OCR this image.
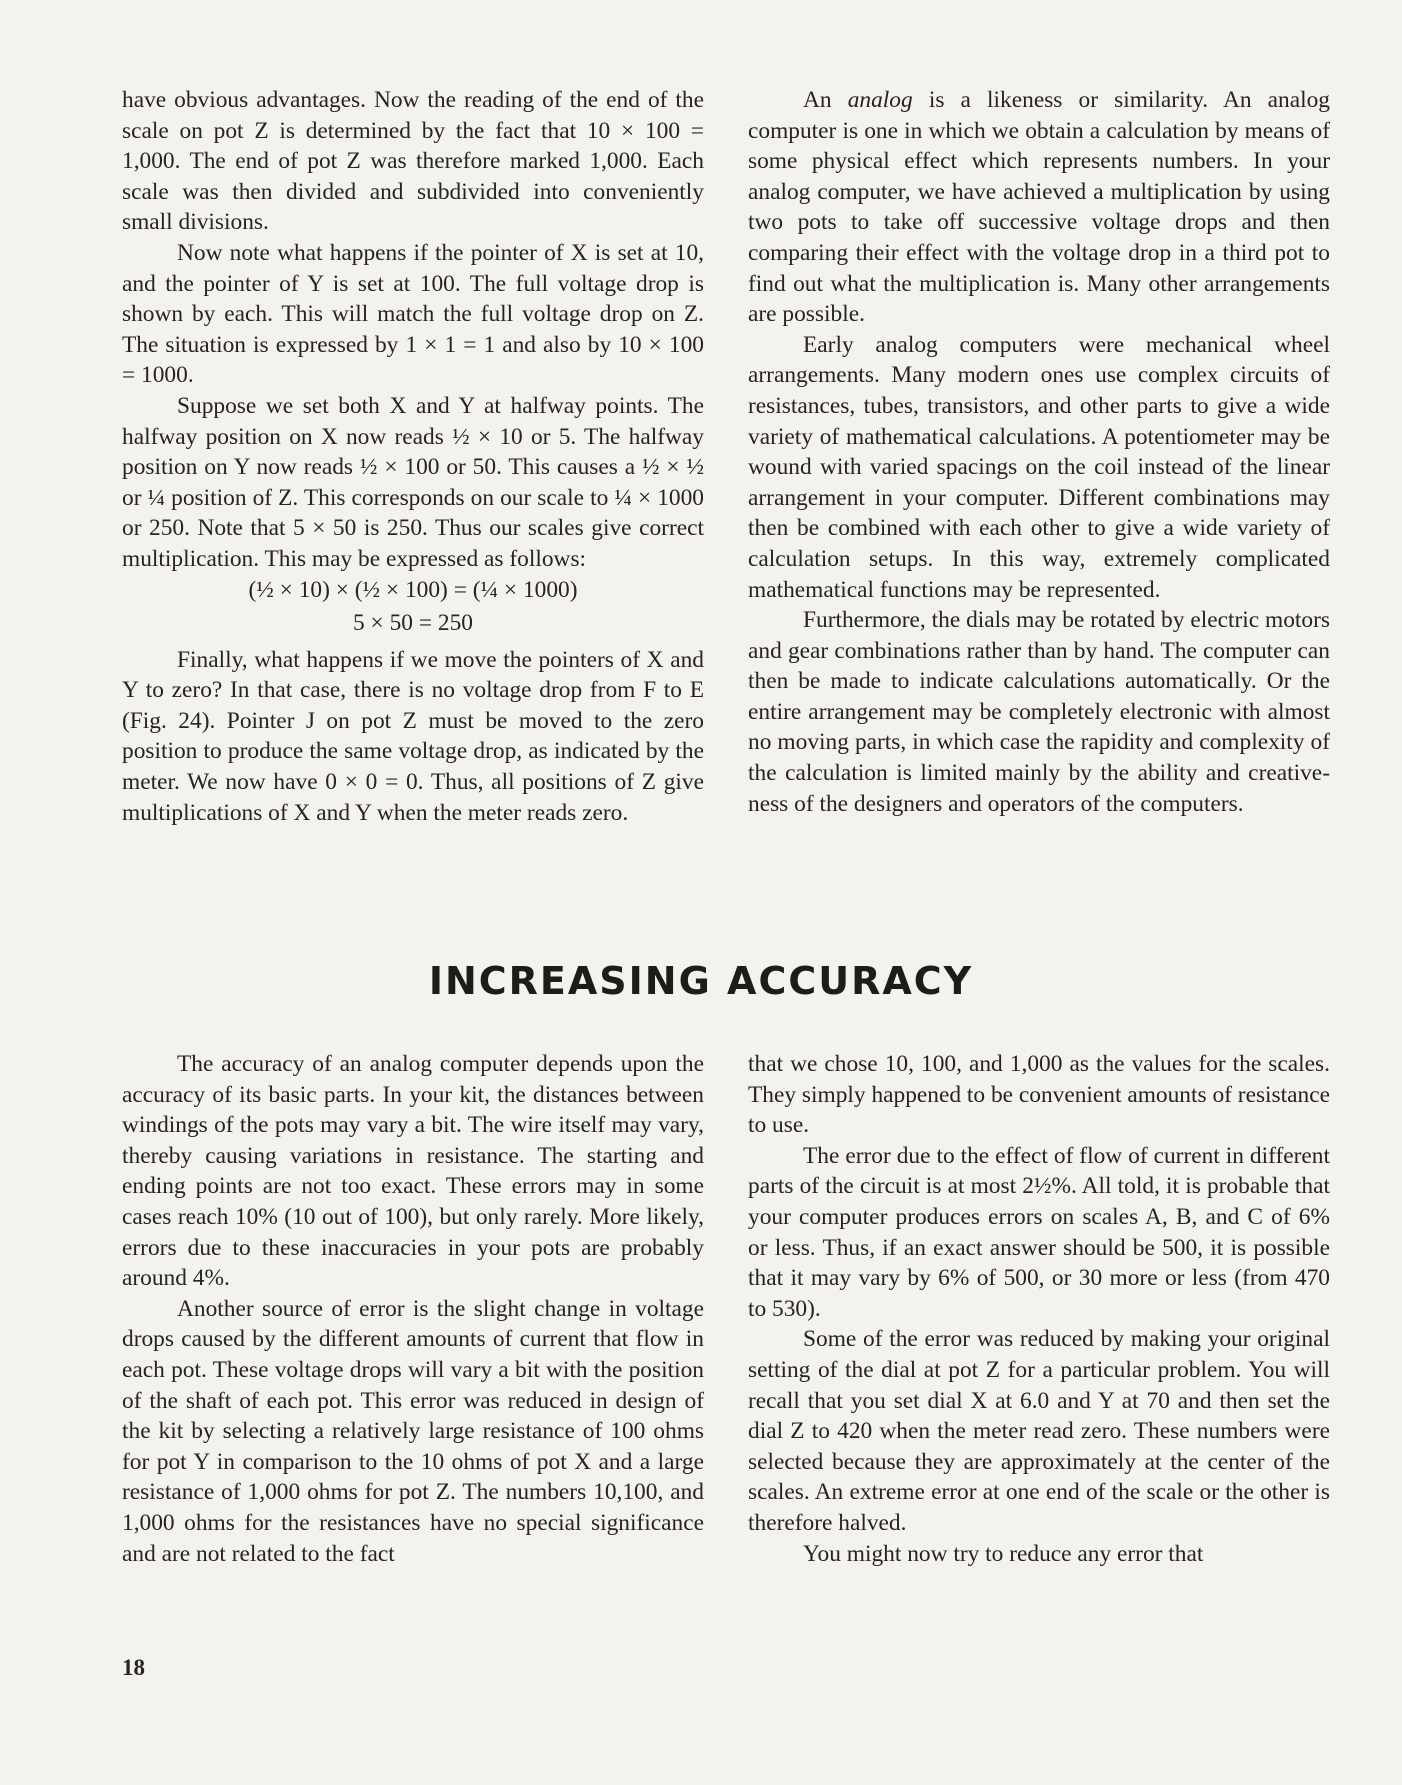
have obvious advantages. Now the reading of the end of the scale on pot Z is determined by the fact that 10 × 100 = 1,000. The end of pot Z was therefore marked 1,000. Each scale was then divided and subdivided into conveniently small divisions.

Now note what happens if the pointer of X is set at 10, and the pointer of Y is set at 100. The full voltage drop is shown by each. This will match the full voltage drop on Z. The situation is expressed by 1 × 1 = 1 and also by 10 × 100 = 1000.

Suppose we set both X and Y at halfway points. The halfway position on X now reads ½ × 10 or 5. The halfway position on Y now reads ½ × 100 or 50. This causes a ½ × ½ or ¼ position of Z. This corresponds on our scale to ¼ × 1000 or 250. Note that 5 × 50 is 250. Thus our scales give correct multiplication. This may be expressed as follows:

(½ × 10) × (½ × 100) = (¼ × 1000)

5 × 50 = 250

Finally, what happens if we move the pointers of X and Y to zero? In that case, there is no voltage drop from F to E (Fig. 24). Pointer J on pot Z must be moved to the zero position to produce the same voltage drop, as indicated by the meter. We now have 0 × 0 = 0. Thus, all positions of Z give multiplications of X and Y when the meter reads zero.

An analog is a likeness or similarity. An analog computer is one in which we obtain a calculation by means of some physical effect which represents numbers. In your analog computer, we have achieved a multiplication by using two pots to take off successive voltage drops and then comparing their effect with the voltage drop in a third pot to find out what the multiplication is. Many other arrangements are possible.

Early analog computers were mechanical wheel arrangements. Many modern ones use complex circuits of resistances, tubes, transistors, and other parts to give a wide variety of mathematical calculations. A potentiometer may be wound with varied spacings on the coil instead of the linear arrangement in your computer. Different combinations may then be combined with each other to give a wide variety of calculation setups. In this way, extremely complicated mathematical functions may be represented.

Furthermore, the dials may be rotated by electric motors and gear combinations rather than by hand. The computer can then be made to indicate calculations automatically. Or the entire arrangement may be completely electronic with almost no moving parts, in which case the rapidity and complexity of the calculation is limited mainly by the ability and creativeness of the designers and operators of the computers.

INCREASING ACCURACY

The accuracy of an analog computer depends upon the accuracy of its basic parts. In your kit, the distances between windings of the pots may vary a bit. The wire itself may vary, thereby causing variations in resistance. The starting and ending points are not too exact. These errors may in some cases reach 10% (10 out of 100), but only rarely. More likely, errors due to these inaccuracies in your pots are probably around 4%.

Another source of error is the slight change in voltage drops caused by the different amounts of current that flow in each pot. These voltage drops will vary a bit with the position of the shaft of each pot. This error was reduced in design of the kit by selecting a relatively large resistance of 100 ohms for pot Y in comparison to the 10 ohms of pot X and a large resistance of 1,000 ohms for pot Z. The numbers 10,100, and 1,000 ohms for the resistances have no special significance and are not related to the fact

that we chose 10, 100, and 1,000 as the values for the scales. They simply happened to be convenient amounts of resistance to use.

The error due to the effect of flow of current in different parts of the circuit is at most 2½%. All told, it is probable that your computer produces errors on scales A, B, and C of 6% or less. Thus, if an exact answer should be 500, it is possible that it may vary by 6% of 500, or 30 more or less (from 470 to 530).

Some of the error was reduced by making your original setting of the dial at pot Z for a particular problem. You will recall that you set dial X at 6.0 and Y at 70 and then set the dial Z to 420 when the meter read zero. These numbers were selected because they are approximately at the center of the scales. An extreme error at one end of the scale or the other is therefore halved.

You might now try to reduce any error that

18
